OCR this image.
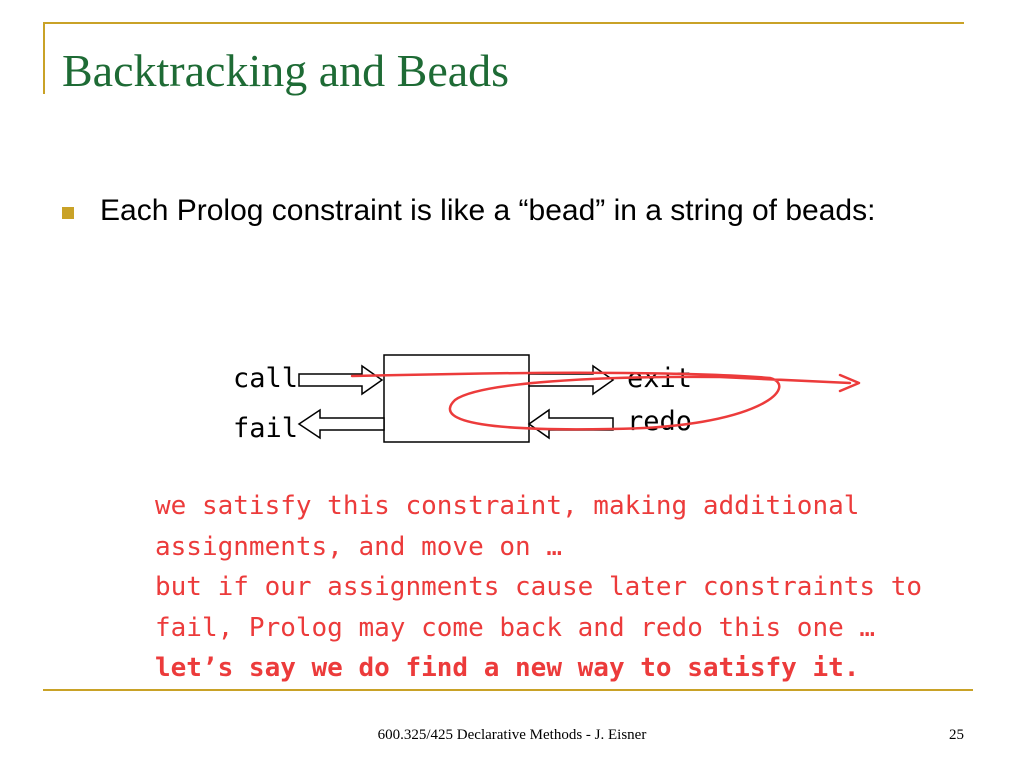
Backtracking and Beads

Each Prolog constraint is like a “bead” in a string of beads:

call
fail
exit
redo
we satisfy this constraint, making additional
assignments, and move on …
but if our assignments cause later constraints to
fail, Prolog may come back and redo this one …
let’s say we do find a new way to satisfy it.
600.325/425 Declarative Methods - J. Eisner	25
